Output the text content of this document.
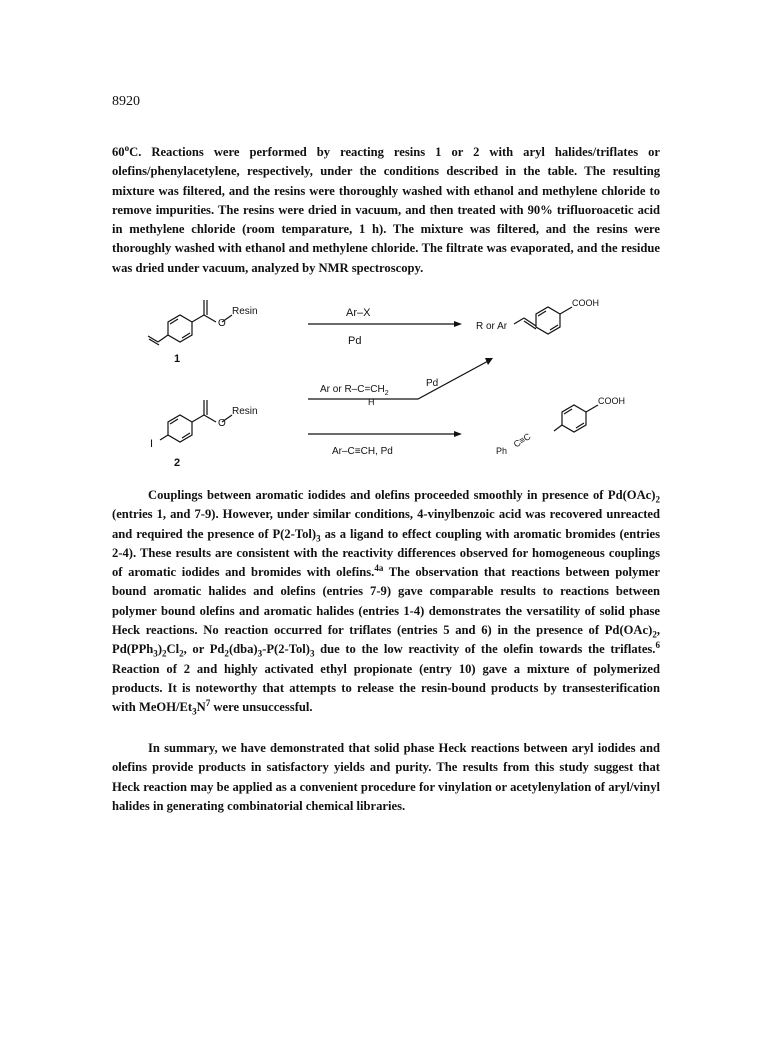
8920

60$^o$C. Reactions were performed by reacting resins 1 or 2 with aryl halides/triflates or olefins/phenylacetylene, respectively, under the conditions described in the table. The resulting mixture was filtered, and the resins were thoroughly washed with ethanol and methylene chloride to remove impurities. The resins were dried in vacuum, and then treated with 90% trifluoroacetic acid in methylene chloride (room temparature, 1 h). The mixture was filtered, and the resins were thoroughly washed with ethanol and methylene chloride. The filtrate was evaporated, and the residue was dried under vacuum, analyzed by NMR spectroscopy.

O
Resin
1
O
Resin
I
2
Ar–X
Pd
R or Ar
COOH
Ar or $R-C=CH_2$
H
Pd
Ar–C≡CH, Pd
COOH
Ph
C≡C

Couplings between aromatic iodides and olefins proceeded smoothly in presence of $Pd(OAc)_2$ (entries 1, and 7-9). However, under similar conditions, 4-vinylbenzoic acid was recovered unreacted and required the presence of $P(2-Tol)_3$ as a ligand to effect coupling with aromatic bromides (entries 2-4). These results are consistent with the reactivity differences observed for homogeneous couplings of aromatic iodides and bromides with olefins.$^{4a}$ The observation that reactions between polymer bound aromatic halides and olefins (entries 7-9) gave comparable results to reactions between polymer bound olefins and aromatic halides (entries 1-4) demonstrates the versatility of solid phase Heck reactions. No reaction occurred for triflates (entries 5 and 6) in the presence of $Pd(OAc)_2$, $Pd(PPh_3)_2Cl_2$, or $Pd_2(dba)_3-P(2-Tol)_3$ due to the low reactivity of the olefin towards the triflates.$^6$ Reaction of 2 and highly activated ethyl propionate (entry 10) gave a mixture of polymerized products. It is noteworthy that attempts to release the resin-bound products by transesterification with MeOH/$Et_3N^7$ were unsuccessful.

In summary, we have demonstrated that solid phase Heck reactions between aryl iodides and olefins provide products in satisfactory yields and purity. The results from this study suggest that Heck reaction may be applied as a convenient procedure for vinylation or acetylenylation of aryl/vinyl halides in generating combinatorial chemical libraries.
